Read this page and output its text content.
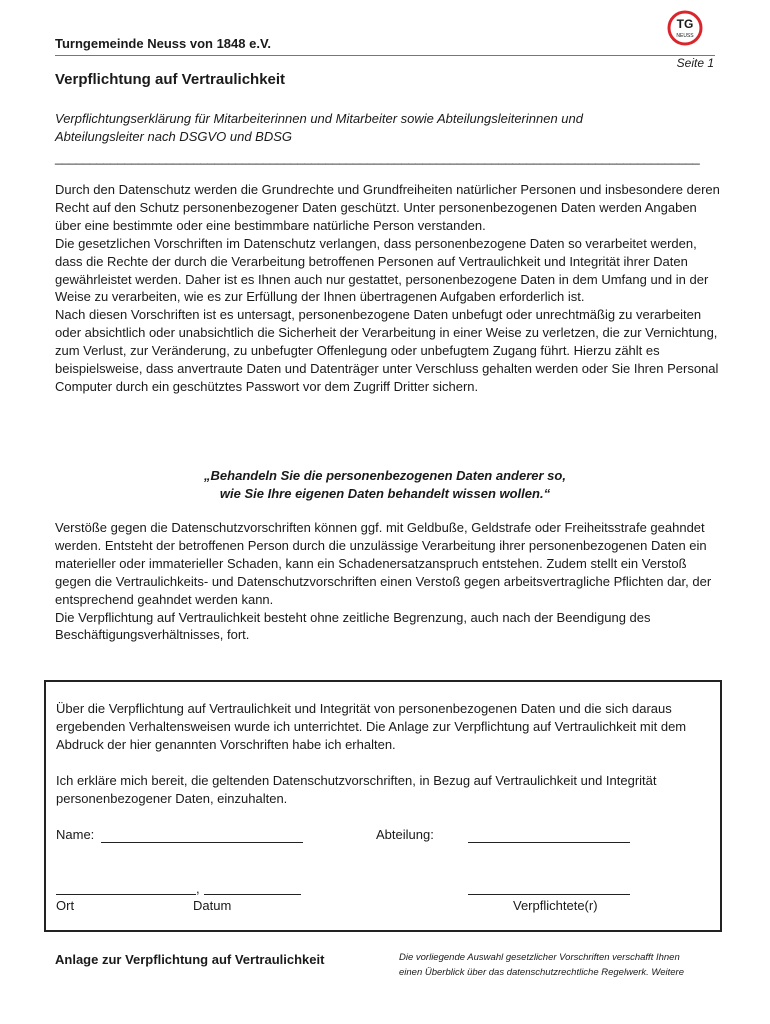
Turngemeinde Neuss von 1848 e.V.
TG
NEUSS
Seite 1
Verpflichtung auf Vertraulichkeit
Verpflichtungserklärung für Mitarbeiterinnen und Mitarbeiter sowie Abteilungsleiterinnen und
Abteilungsleiter nach DSGVO und BDSG
_____________________________________________________________________________________________

Durch den Datenschutz werden die Grundrechte und Grundfreiheiten natürlicher Personen und insbesondere deren Recht auf den Schutz personenbezogener Daten geschützt. Unter personenbezogenen Daten werden Angaben über eine bestimmte oder eine bestimmbare natürliche Person verstanden.

Die gesetzlichen Vorschriften im Datenschutz verlangen, dass personenbezogene Daten so verarbeitet werden, dass die Rechte der durch die Verarbeitung betroffenen Personen auf Vertraulichkeit und Integrität ihrer Daten gewährleistet werden. Daher ist es Ihnen auch nur gestattet, personenbezogene Daten in dem Umfang und in der Weise zu verarbeiten, wie es zur Erfüllung der Ihnen übertragenen Aufgaben erforderlich ist.

Nach diesen Vorschriften ist es untersagt, personenbezogene Daten unbefugt oder unrechtmäßig zu verarbeiten oder absichtlich oder unabsichtlich die Sicherheit der Verarbeitung in einer Weise zu verletzen, die zur Vernichtung, zum Verlust, zur Veränderung, zu unbefugter Offenlegung oder unbefugtem Zugang führt. Hierzu zählt es beispielsweise, dass anvertraute Daten und Datenträger unter Verschluss gehalten werden oder Sie Ihren Personal Computer durch ein geschütztes Passwort vor dem Zugriff Dritter sichern.

„Behandeln Sie die personenbezogenen Daten anderer so,
wie Sie Ihre eigenen Daten behandelt wissen wollen.“

Verstöße gegen die Datenschutzvorschriften können ggf. mit Geldbuße, Geldstrafe oder Freiheitsstrafe geahndet werden. Entsteht der betroffenen Person durch die unzulässige Verarbeitung ihrer personenbezogenen Daten ein materieller oder immaterieller Schaden, kann ein Schadenersatzanspruch entstehen. Zudem stellt ein Verstoß gegen die Vertraulichkeits- und Datenschutzvorschriften einen Verstoß gegen arbeitsvertragliche Pflichten dar, der entsprechend geahndet werden kann.

Die Verpflichtung auf Vertraulichkeit besteht ohne zeitliche Begrenzung, auch nach der Beendigung des Beschäftigungsverhältnisses, fort.

Über die Verpflichtung auf Vertraulichkeit und Integrität von personenbezogenen Daten und die sich daraus ergebenden Verhaltensweisen wurde ich unterrichtet. Die Anlage zur Verpflichtung auf Vertraulichkeit mit dem Abdruck der hier genannten Vorschriften habe ich erhalten.
Ich erkläre mich bereit, die geltenden Datenschutzvorschriften, in Bezug auf Vertraulichkeit und Integrität personenbezogener Daten, einzuhalten.
Name:	Abteilung:
,
Ort	Datum	Verpflichtete(r)
Anlage zur Verpflichtung auf Vertraulichkeit	Die vorliegende Auswahl gesetzlicher Vorschriften verschafft Ihnen
einen Überblick über das datenschutzrechtliche Regelwerk. Weitere
